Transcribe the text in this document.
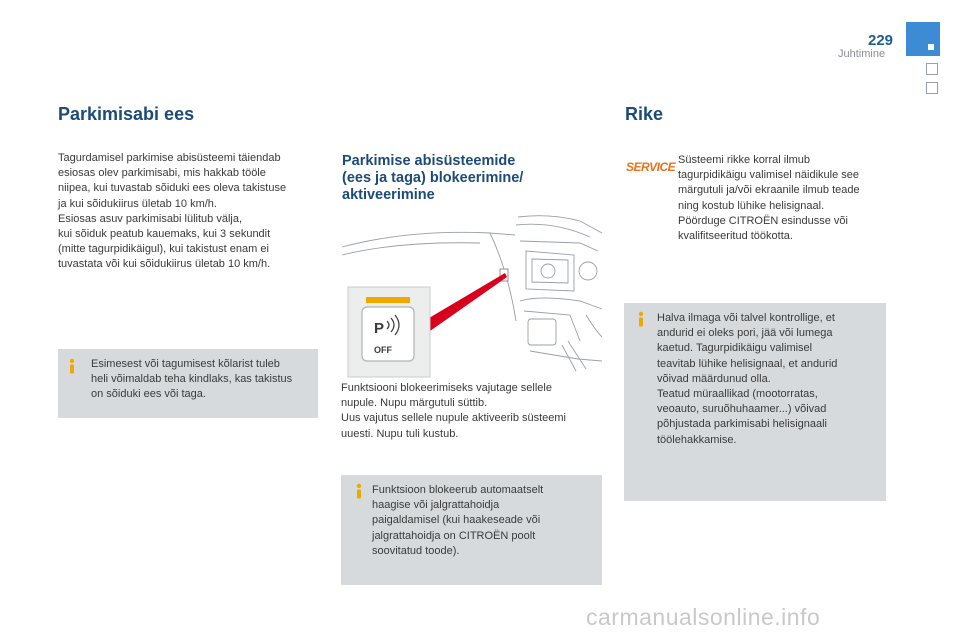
229
Juhtimine
Parkimisabi ees

Tagurdamisel parkimise abisüsteemi täiendab
esiosas olev parkimisabi, mis hakkab tööle
niipea, kui tuvastab sõiduki ees oleva takistuse
ja kui sõidukiirus ületab 10 km/h.

Esiosas asuv parkimisabi lülitub välja,
kui sõiduk peatub kauemaks, kui 3 sekundit
(mitte tagurpidikäigul), kui takistust enam ei
tuvastata või kui sõidukiirus ületab 10 km/h.

Esimesest või tagumisest kõlarist tuleb
heli võimaldab teha kindlaks, kas takistus
on sõiduki ees või taga.
Parkimise abisüsteemide
(ees ja taga) blokeerimine/
aktiveerimine
P
OFF

Funktsiooni blokeerimiseks vajutage sellele
nupule. Nupu märgutuli süttib.

Uus vajutus sellele nupule aktiveerib süsteemi
uuesti. Nupu tuli kustub.

Funktsioon blokeerub automaatselt
haagise või jalgrattahoidja
paigaldamisel (kui haakeseade või
jalgrattahoidja on CITROËN poolt
soovitatud toode).
Rike
SERVICE Süsteemi rikke korral ilmub
tagurpidikäigu valimisel näidikule see
märgutuli ja/või ekraanile ilmub teade
ning kostub lühike helisignaal.
Pöörduge CITROËN esindusse või
kvalifitseeritud töökotta.

Halva ilmaga või talvel kontrollige, et
andurid ei oleks pori, jää või lumega
kaetud. Tagurpidikäigu valimisel
teavitab lühike helisignaal, et andurid
võivad määrdunud olla.
Teatud müraallikad (mootorratas,
veoauto, suruõhuhaamer...) võivad
põhjustada parkimisabi helisignaali
töölehakkamise.
carmanualsonline.info
